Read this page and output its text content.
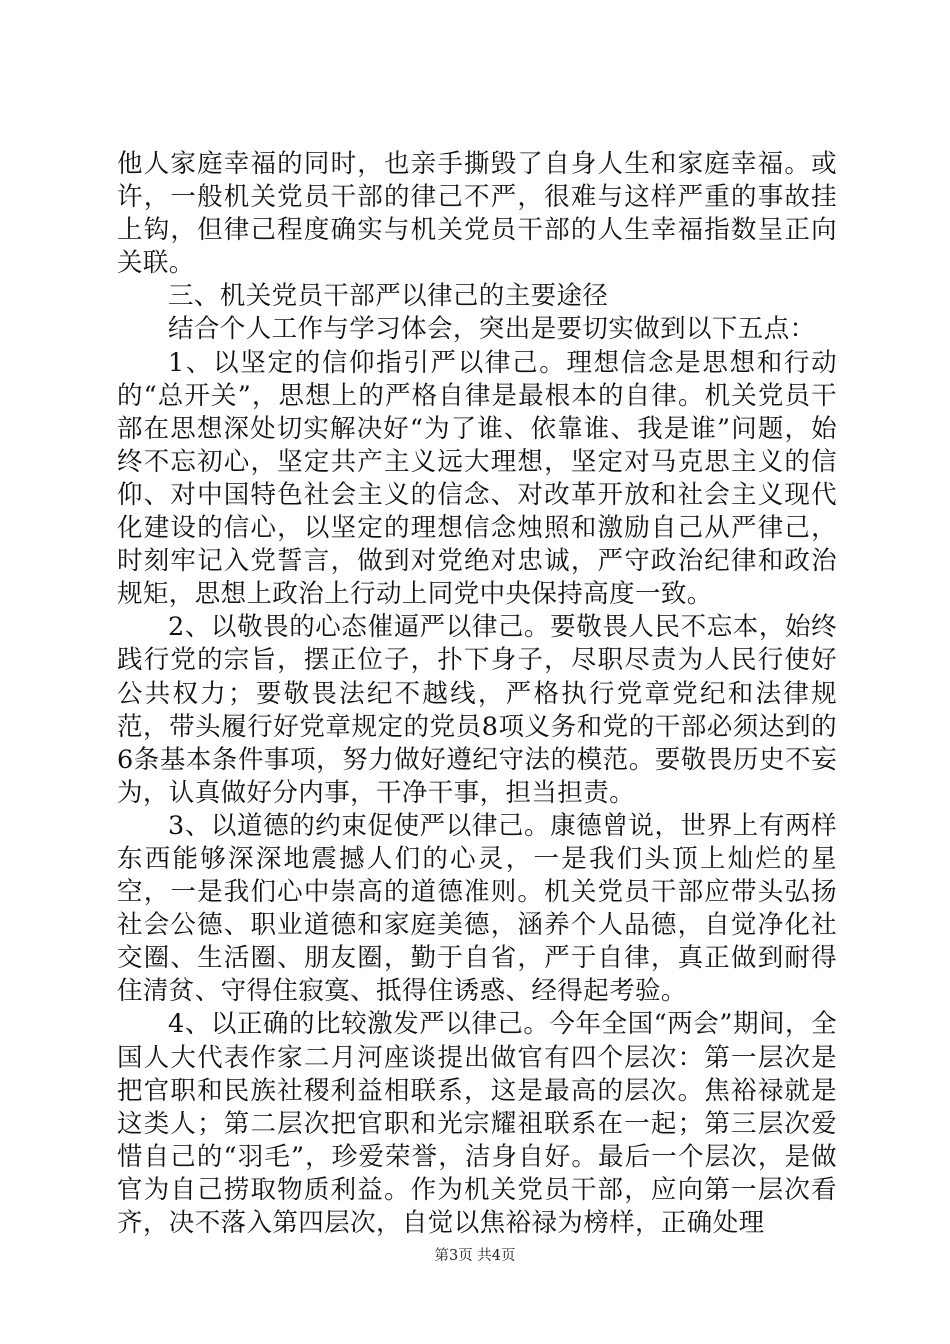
他人家庭幸福的同时，也亲手撕毁了自身人生和家庭幸福。或许，一般机关党员干部的律己不严，很难与这样严重的事故挂上钩，但律己程度确实与机关党员干部的人生幸福指数呈正向关联。

三、机关党员干部严以律己的主要途径

结合个人工作与学习体会，突出是要切实做到以下五点：

1、以坚定的信仰指引严以律己。理想信念是思想和行动的“总开关”，思想上的严格自律是最根本的自律。机关党员干部在思想深处切实解决好“为了谁、依靠谁、我是谁”问题，始终不忘初心，坚定共产主义远大理想，坚定对马克思主义的信仰、对中国特色社会主义的信念、对改革开放和社会主义现代化建设的信心，以坚定的理想信念烛照和激励自己从严律己，时刻牢记入党誓言，做到对党绝对忠诚，严守政治纪律和政治规矩，思想上政治上行动上同党中央保持高度一致。

2、以敬畏的心态催逼严以律己。要敬畏人民不忘本，始终践行党的宗旨，摆正位子，扑下身子，尽职尽责为人民行使好公共权力；要敬畏法纪不越线，严格执行党章党纪和法律规范，带头履行好党章规定的党员8项义务和党的干部必须达到的6条基本条件事项，努力做好遵纪守法的模范。要敬畏历史不妄为，认真做好分内事，干净干事，担当担责。

3、以道德的约束促使严以律己。康德曾说，世界上有两样东西能够深深地震撼人们的心灵，一是我们头顶上灿烂的星空，一是我们心中崇高的道德准则。机关党员干部应带头弘扬社会公德、职业道德和家庭美德，涵养个人品德，自觉净化社交圈、生活圈、朋友圈，勤于自省，严于自律，真正做到耐得住清贫、守得住寂寞、抵得住诱惑、经得起考验。

4、以正确的比较激发严以律己。今年全国“两会”期间，全国人大代表作家二月河座谈提出做官有四个层次：第一层次是把官职和民族社稷利益相联系，这是最高的层次。焦裕禄就是这类人；第二层次把官职和光宗耀祖联系在一起；第三层次爱惜自己的“羽毛”，珍爱荣誉，洁身自好。最后一个层次，是做官为自己捞取物质利益。作为机关党员干部，应向第一层次看齐，决不落入第四层次，自觉以焦裕禄为榜样，正确处理

第3页 共4页
